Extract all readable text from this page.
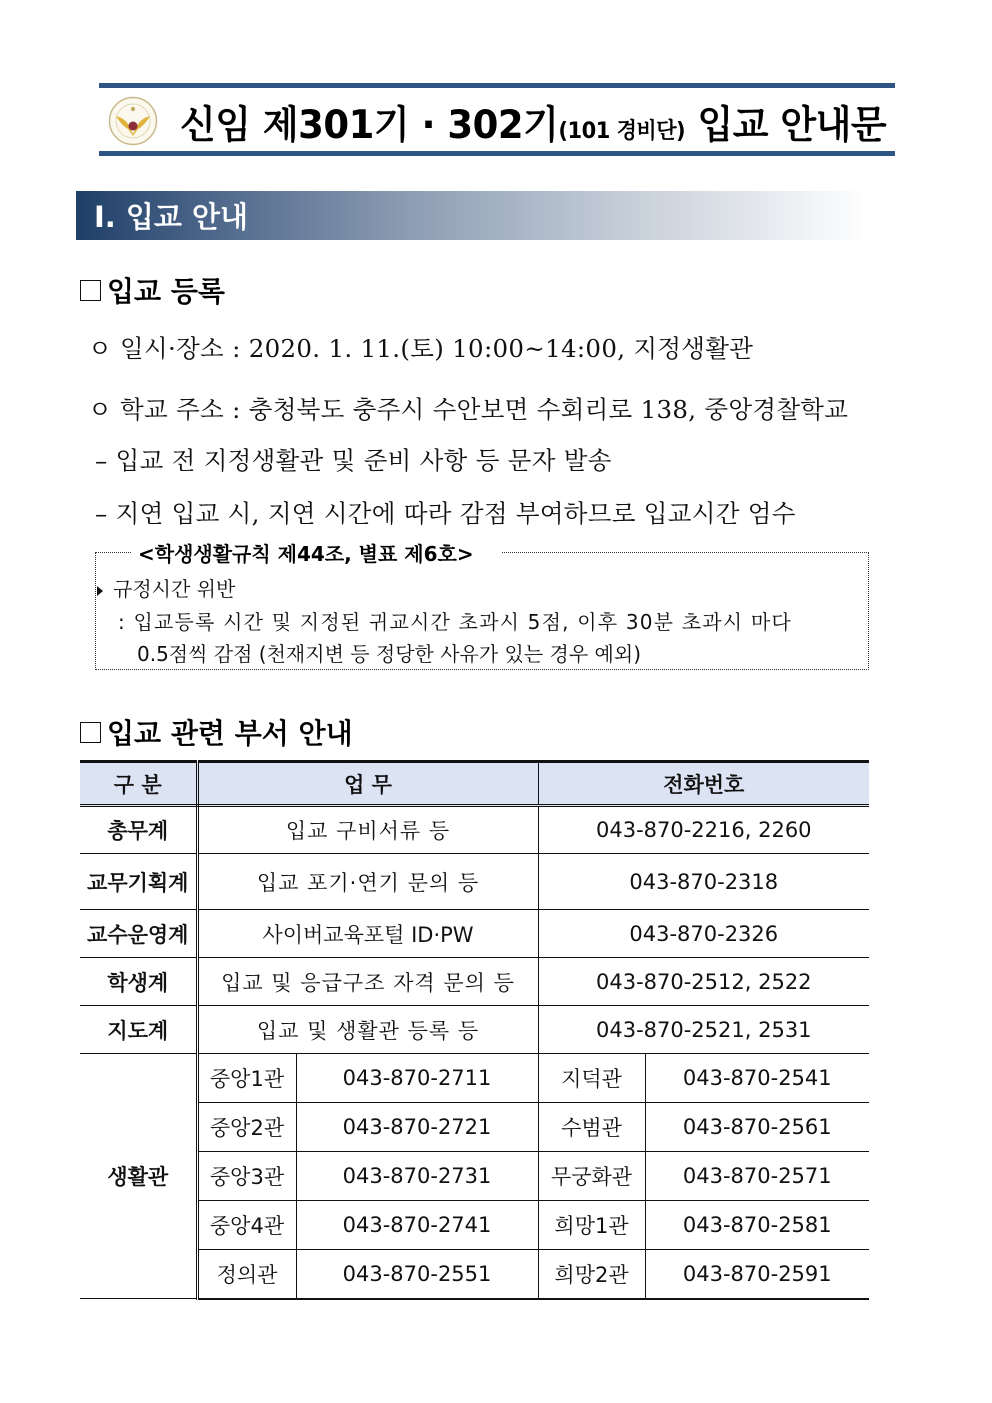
신임 제301기 · 302기(101 경비단) 입교 안내문
Ⅰ. 입교 안내
입교 등록
ㅇ 일시·장소 : 2020. 1. 11.(토) 10:00~14:00, 지정생활관
ㅇ 학교 주소 : 충청북도 충주시 수안보면 수회리로 138, 중앙경찰학교
– 입교 전 지정생활관 및 준비 사항 등 문자 발송
– 지연 입교 시, 지연 시간에 따라 감점 부여하므로 입교시간 엄수
<학생생활규칙 제44조, 별표 제6호>
규정시간 위반
: 입교등록 시간 및 지정된 귀교시간 초과시 5점, 이후 30분 초과시 마다
0.5점씩 감점 (천재지변 등 정당한 사유가 있는 경우 예외)
입교 관련 부서 안내
구 분	업 무		전화번호	
총무계	입교 구비서류 등		043-870-2216, 2260	
교무기획계	입교 포기·연기 문의 등		043-870-2318	
교수운영계	사이버교육포털 ID·PW		043-870-2326	
학생계	입교 및 응급구조 자격 문의 등		043-870-2512, 2522	
지도계	입교 및 생활관 등록 등		043-870-2521, 2531	
생활관	중앙1관	043-870-2711	지덕관	043-870-2541
	중앙2관	043-870-2721	수범관	043-870-2561
	중앙3관	043-870-2731	무궁화관	043-870-2571
	중앙4관	043-870-2741	희망1관	043-870-2581
	정의관	043-870-2551	희망2관	043-870-2591
